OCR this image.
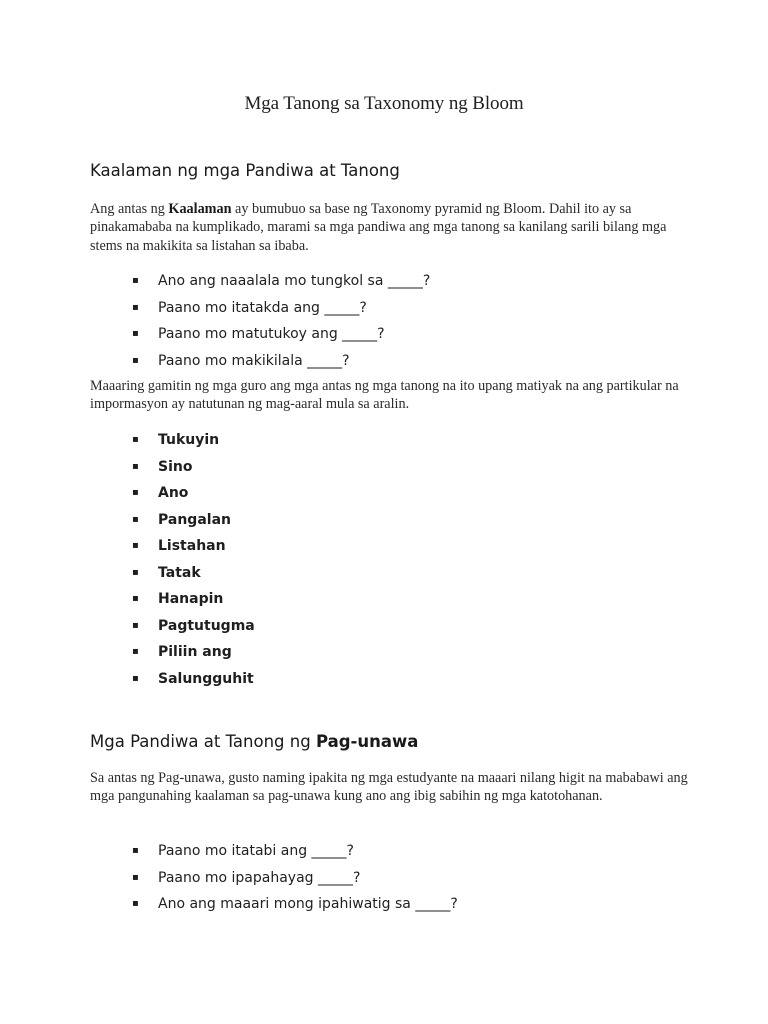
Mga Tanong sa Taxonomy ng Bloom
Kaalaman ng mga Pandiwa at Tanong

Ang antas ng Kaalaman ay bumubuo sa base ng Taxonomy pyramid ng Bloom. Dahil ito ay sa pinakamababa na kumplikado, marami sa mga pandiwa ang mga tanong sa kanilang sarili bilang mga stems na makikita sa listahan sa ibaba.

▪ Ano ang naaalala mo tungkol sa _____?
▪ Paano mo itatakda ang _____?
▪ Paano mo matutukoy ang _____?
▪ Paano mo makikilala _____?

Maaaring gamitin ng mga guro ang mga antas ng mga tanong na ito upang matiyak na ang partikular na impormasyon ay natutunan ng mag-aaral mula sa aralin.

▪ Tukuyin
▪ Sino
▪ Ano
▪ Pangalan
▪ Listahan
▪ Tatak
▪ Hanapin
▪ Pagtutugma
▪ Piliin ang
▪ Salungguhit
Mga Pandiwa at Tanong ng Pag-unawa

Sa antas ng Pag-unawa, gusto naming ipakita ng mga estudyante na maaari nilang higit na mababawi ang mga pangunahing kaalaman sa pag-unawa kung ano ang ibig sabihin ng mga katotohanan.

▪ Paano mo itatabi ang _____?
▪ Paano mo ipapahayag _____?
▪ Ano ang maaari mong ipahiwatig sa _____?
